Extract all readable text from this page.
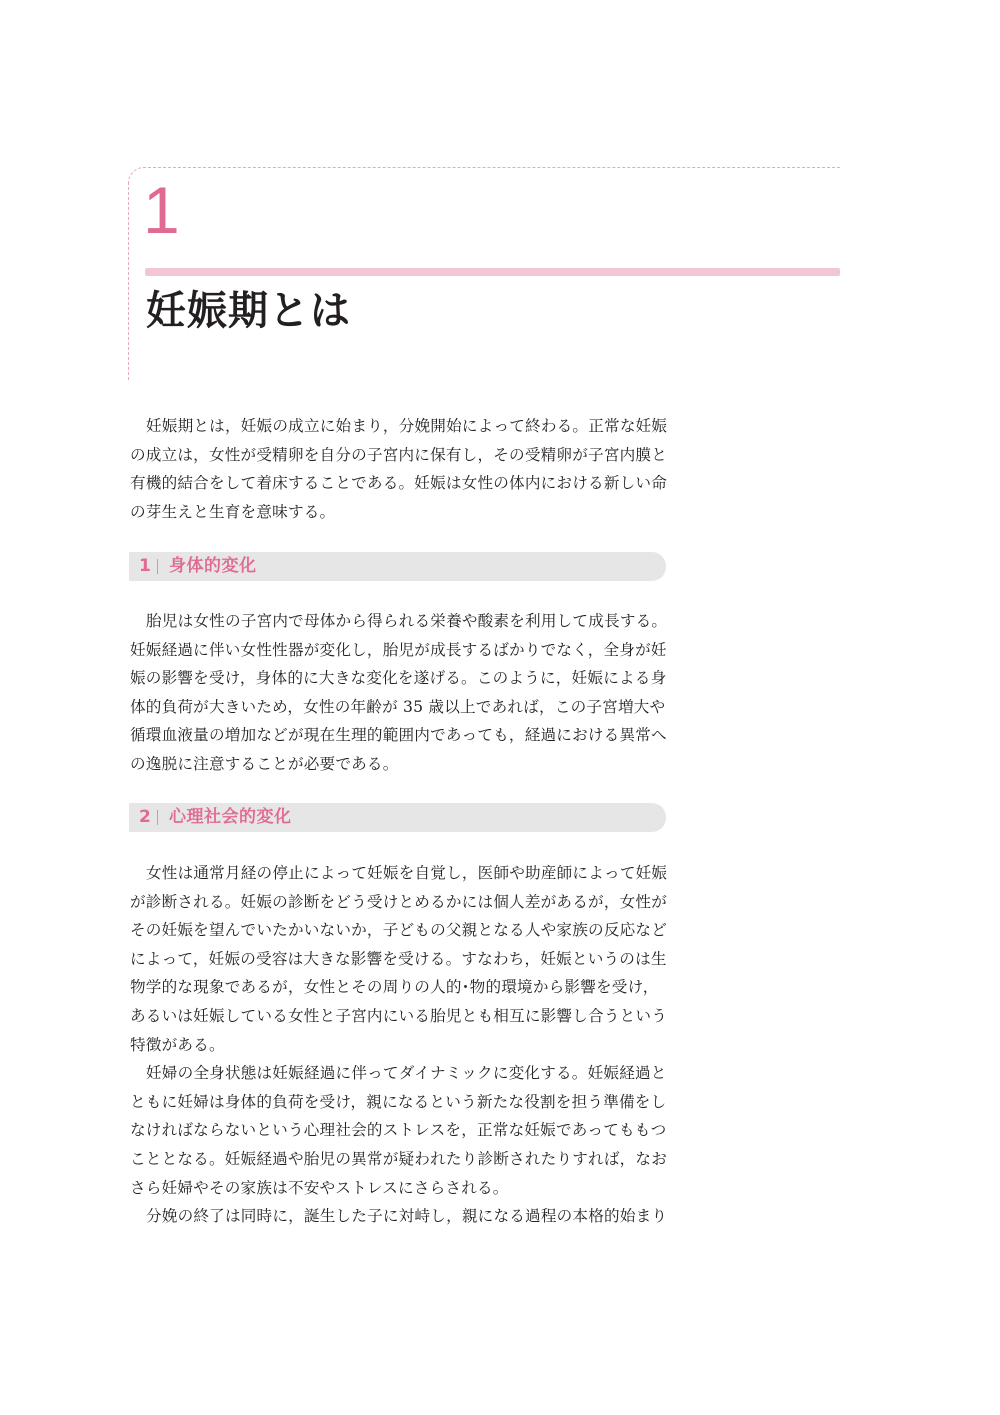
1
妊娠期とは
妊娠期とは，妊娠の成立に始まり，分娩開始によって終わる。正常な妊娠
の成立は，女性が受精卵を自分の子宮内に保有し，その受精卵が子宮内膜と
有機的結合をして着床することである。妊娠は女性の体内における新しい命
の芽生えと生育を意味する。
1 身体的変化
胎児は女性の子宮内で母体から得られる栄養や酸素を利用して成長する。
妊娠経過に伴い女性性器が変化し，胎児が成長するばかりでなく，全身が妊
娠の影響を受け，身体的に大きな変化を遂げる。このように，妊娠による身
体的負荷が大きいため，女性の年齢が 35 歳以上であれば，この子宮増大や
循環血液量の増加などが現在生理的範囲内であっても，経過における異常へ
の逸脱に注意することが必要である。
2 心理社会的変化
女性は通常月経の停止によって妊娠を自覚し，医師や助産師によって妊娠
が診断される。妊娠の診断をどう受けとめるかには個人差があるが，女性が
その妊娠を望んでいたかいないか，子どもの父親となる人や家族の反応など
によって，妊娠の受容は大きな影響を受ける。すなわち，妊娠というのは生
物学的な現象であるが，女性とその周りの人的･物的環境から影響を受け，
あるいは妊娠している女性と子宮内にいる胎児とも相互に影響し合うという
特徴がある。
妊婦の全身状態は妊娠経過に伴ってダイナミックに変化する。妊娠経過と
ともに妊婦は身体的負荷を受け，親になるという新たな役割を担う準備をし
なければならないという心理社会的ストレスを，正常な妊娠であってももつ
こととなる。妊娠経過や胎児の異常が疑われたり診断されたりすれば，なお
さら妊婦やその家族は不安やストレスにさらされる。
分娩の終了は同時に，誕生した子に対峙し，親になる過程の本格的始まり
